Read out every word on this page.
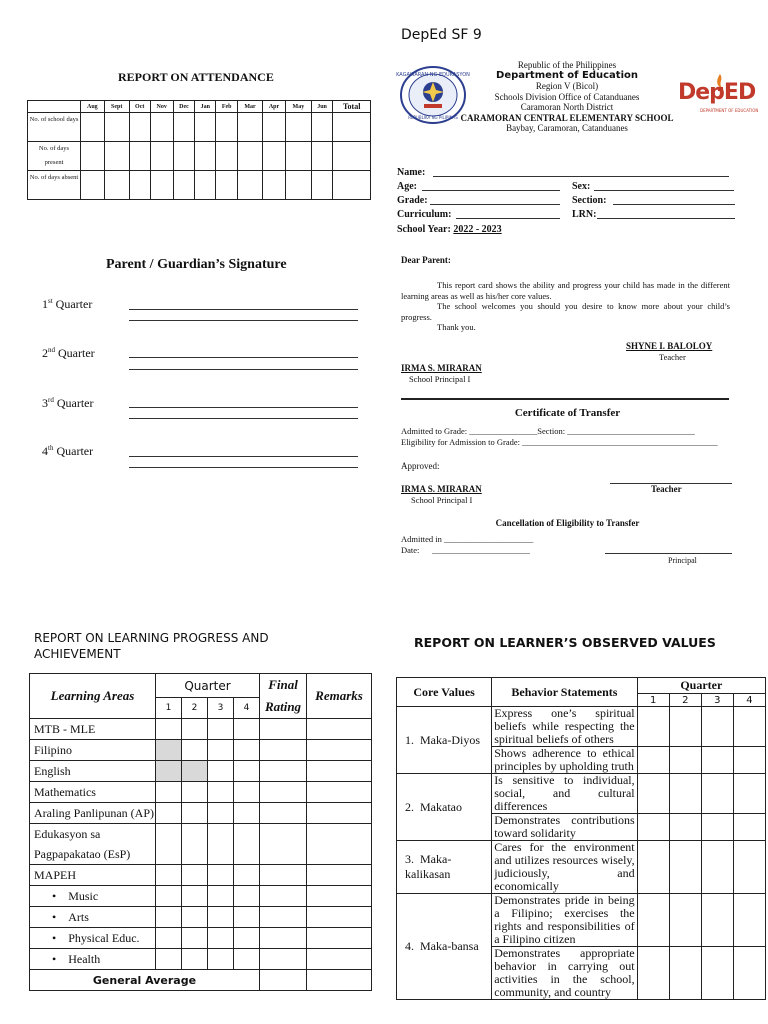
DepEd SF 9
REPORT ON ATTENDANCE
	Aug	Sept	Oct	Nov	Dec	Jan	Feb	Mar	Apr	May	Jun	Total
No. of school days												
No. of days present												
No. of days absent												
Parent / Guardian’s Signature
1st Quarter
2nd Quarter
3rd Quarter
4th Quarter
KAGAWARAN NG EDUKASYON
REPUBLIKA NG PILIPINAS
DepED
DEPARTMENT OF EDUCATION
Republic of the Philippines
Department of Education
Region V (Bicol)
Schools Division Office of Catanduanes
Caramoran North District
CARAMORAN CENTRAL ELEMENTARY SCHOOL
Baybay, Caramoran, Catanduanes
Name:
Age:	Sex:
Grade:	Section:
Curriculum:	LRN:
School Year: 2022 - 2023
Dear Parent:
This report card shows the ability and progress your child has made in the different learning areas as well as his/her core values.
The school welcomes you should you desire to know more about your child’s progress.
Thank you.
SHYNE I. BALOLOY
Teacher
IRMA S. MIRARAN
School Principal I
Certificate of Transfer
Admitted to Grade: ________________Section: ______________________________
Eligibility for Admission to Grade: ______________________________________________
Approved:
IRMA S. MIRARAN	Teacher
School Principal I
Cancellation of Eligibility to Transfer
Admitted in _____________________
Date:      _______________________
Principal
REPORT ON LEARNING PROGRESS AND ACHIEVEMENT
Learning Areas	Quarter				Final Rating	Remarks
	1	2	3	4		
MTB - MLE						
Filipino						
English						
Mathematics						
Araling Panlipunan (AP)						
Edukasyon sa Pagpapakatao (EsP)						
MAPEH						
• Music						
• Arts						
• Physical Educ.						
• Health						
General Average						
REPORT ON LEARNER’S OBSERVED VALUES
Core Values	Behavior Statements	Quarter			
		1	2	3	4
1. Maka-Diyos	Express one’s spiritual beliefs while respecting the spiritual beliefs of others				
	Shows adherence to ethical principles by upholding truth				
2. Makatao	Is sensitive to individual, social, and cultural differences				
	Demonstrates contributions toward solidarity				
3. Maka-kalikasan	Cares for the environment and utilizes resources wisely, judiciously, and economically				
4. Maka-bansa	Demonstrates pride in being a Filipino; exercises the rights and responsibilities of a Filipino citizen				
	Demonstrates appropriate behavior in carrying out activities in the school, community, and country				
